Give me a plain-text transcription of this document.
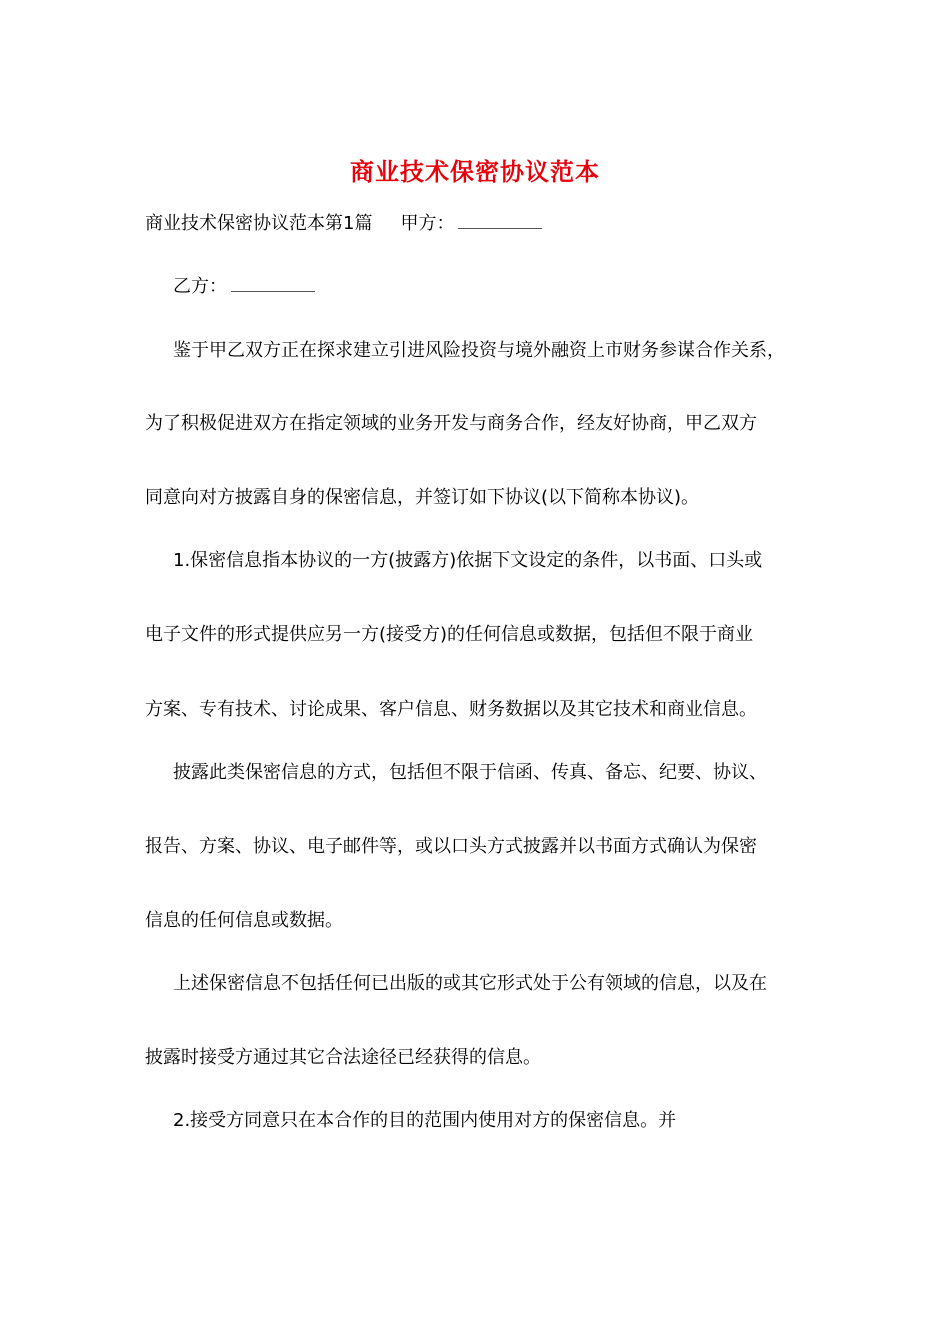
商业技术保密协议范本

商业技术保密协议范本第1篇 甲方：

乙方：

鉴于甲乙双方正在探求建立引进风险投资与境外融资上市财务参谋合作关系，

为了积极促进双方在指定领域的业务开发与商务合作，经友好协商，甲乙双方

同意向对方披露自身的保密信息，并签订如下协议(以下简称本协议)。

1.保密信息指本协议的一方(披露方)依据下文设定的条件，以书面、口头或

电子文件的形式提供应另一方(接受方)的任何信息或数据，包括但不限于商业

方案、专有技术、讨论成果、客户信息、财务数据以及其它技术和商业信息。

披露此类保密信息的方式，包括但不限于信函、传真、备忘、纪要、协议、

报告、方案、协议、电子邮件等，或以口头方式披露并以书面方式确认为保密

信息的任何信息或数据。

上述保密信息不包括任何已出版的或其它形式处于公有领域的信息，以及在

披露时接受方通过其它合法途径已经获得的信息。

2.接受方同意只在本合作的目的范围内使用对方的保密信息。并
